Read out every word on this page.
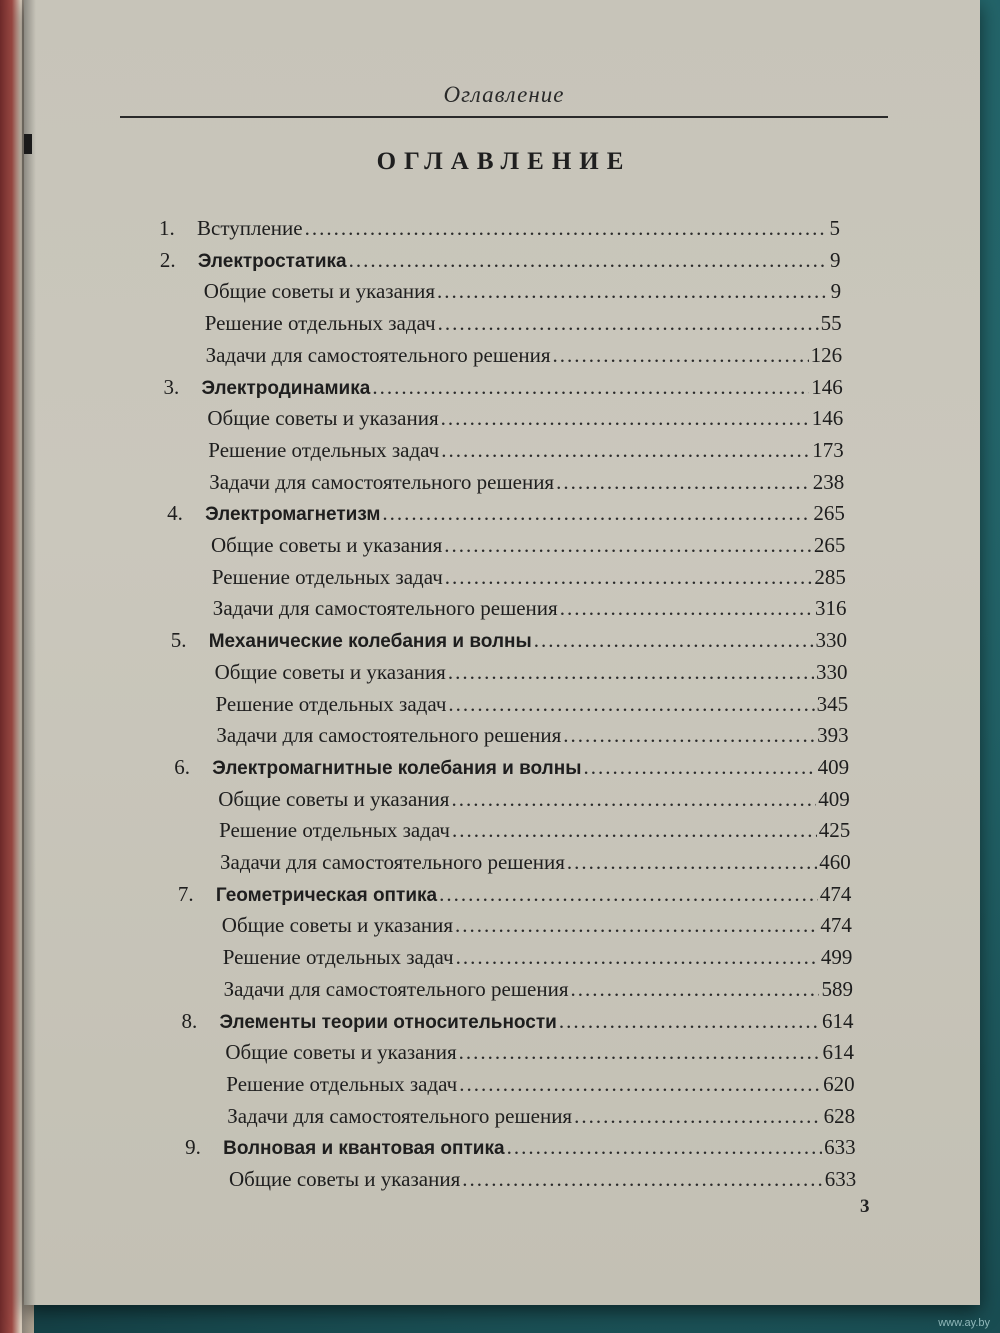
Оглавление
ОГЛАВЛЕНИЕ
1.	Вступление .....	5
2.	Электростатика .....	9
Общие советы и указания .....	9
Решение отдельных задач .....	55
Задачи для самостоятельного решения .....	126
3.	Электродинамика .....	146
Общие советы и указания .....	146
Решение отдельных задач .....	173
Задачи для самостоятельного решения .....	238
4.	Электромагнетизм .....	265
Общие советы и указания .....	265
Решение отдельных задач .....	285
Задачи для самостоятельного решения .....	316
5.	Механические колебания и волны .....	330
Общие советы и указания .....	330
Решение отдельных задач .....	345
Задачи для самостоятельного решения .....	393
6.	Электромагнитные колебания и волны .....	409
Общие советы и указания .....	409
Решение отдельных задач .....	425
Задачи для самостоятельного решения .....	460
7.	Геометрическая оптика .....	474
Общие советы и указания .....	474
Решение отдельных задач .....	499
Задачи для самостоятельного решения .....	589
8.	Элементы теории относительности .....	614
Общие советы и указания .....	614
Решение отдельных задач .....	620
Задачи для самостоятельного решения .....	628
9.	Волновая и квантовая оптика .....	633
Общие советы и указания .....	633
3
www.ay.by
